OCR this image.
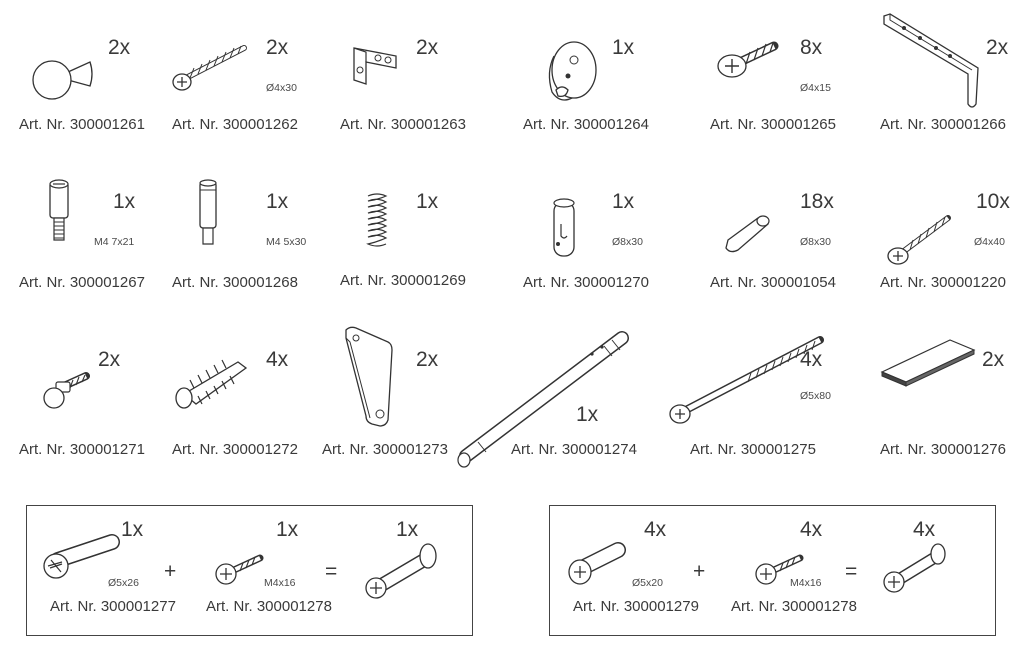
2x
Art. Nr. 300001261
2x
Ø4x30
Art. Nr. 300001262
2x
Art. Nr. 300001263
1x
Art. Nr. 300001264
8x
Ø4x15
Art. Nr. 300001265
2x
Art. Nr. 300001266
1x
M4 7x21
Art. Nr. 300001267
1x
M4 5x30
Art. Nr. 300001268
1x
Art. Nr. 300001269
1x
Ø8x30
Art. Nr. 300001270
18x
Ø8x30
Art. Nr. 300001054
10x
Ø4x40
Art. Nr. 300001220
2x
Art. Nr. 300001271
4x
Art. Nr. 300001272
2x
Art. Nr. 300001273
1x
Art. Nr. 300001274
4x
Ø5x80
Art. Nr. 300001275
2x
Art. Nr. 300001276
1x
Ø5x26
Art. Nr. 300001277
+
1x
M4x16
Art. Nr. 300001278
=
1x	4x
Ø5x20
Art. Nr. 300001279
+
4x
M4x16
Art. Nr. 300001278
=
4x
